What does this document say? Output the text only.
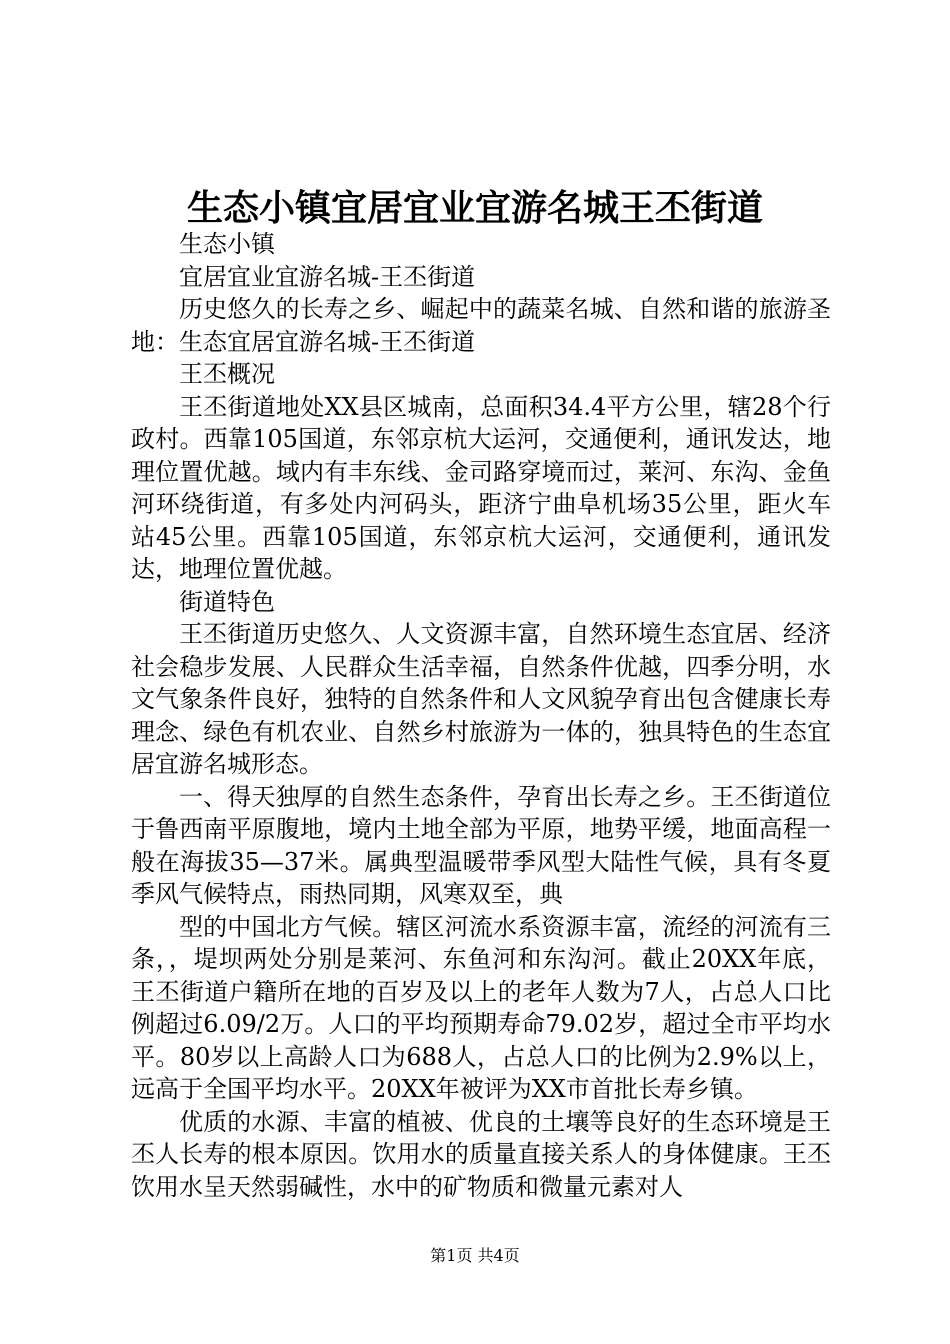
生态小镇宜居宜业宜游名城王丕街道

生态小镇

宜居宜业宜游名城-王丕街道

历史悠久的长寿之乡、崛起中的蔬菜名城、自然和谐的旅游圣地：生态宜居宜游名城-王丕街道

王丕概况

王丕街道地处XX县区城南，总面积34.4平方公里，辖28个行政村。西靠105国道，东邻京杭大运河，交通便利，通讯发达，地理位置优越。域内有丰东线、金司路穿境而过，莱河、东沟、金鱼河环绕街道，有多处内河码头，距济宁曲阜机场35公里，距火车站45公里。西靠105国道，东邻京杭大运河，交通便利，通讯发达，地理位置优越。

街道特色

王丕街道历史悠久、人文资源丰富，自然环境生态宜居、经济社会稳步发展、人民群众生活幸福，自然条件优越，四季分明，水文气象条件良好，独特的自然条件和人文风貌孕育出包含健康长寿理念、绿色有机农业、自然乡村旅游为一体的，独具特色的生态宜居宜游名城形态。

一、得天独厚的自然生态条件，孕育出长寿之乡。王丕街道位于鲁西南平原腹地，境内土地全部为平原，地势平缓，地面高程一般在海拔35—37米。属典型温暖带季风型大陆性气候，具有冬夏季风气候特点，雨热同期，风寒双至，典

型的中国北方气候。辖区河流水系资源丰富，流经的河流有三条，，堤坝两处分别是莱河、东鱼河和东沟河。截止20XX年底，王丕街道户籍所在地的百岁及以上的老年人数为7人，占总人口比例超过6.09/2万。人口的平均预期寿命79.02岁，超过全市平均水平。80岁以上高龄人口为688人，占总人口的比例为2.9%以上，远高于全国平均水平。20XX年被评为XX市首批长寿乡镇。

优质的水源、丰富的植被、优良的土壤等良好的生态环境是王丕人长寿的根本原因。饮用水的质量直接关系人的身体健康。王丕饮用水呈天然弱碱性，水中的矿物质和微量元素对人

第1页 共4页
